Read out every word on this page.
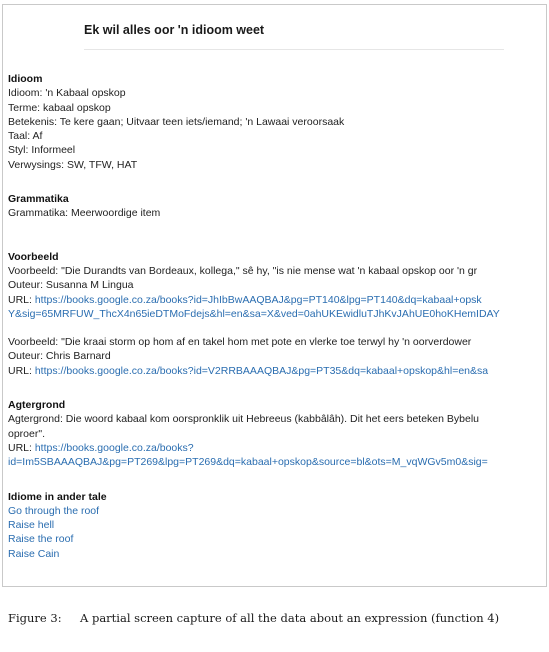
Ek wil alles oor 'n idioom weet
Idioom
Idioom: 'n Kabaal opskop
Terme: kabaal opskop
Betekenis: Te kere gaan; Uitvaar teen iets/iemand; 'n Lawaai veroorsaak
Taal: Af
Styl: Informeel
Verwysings: SW, TFW, HAT
Grammatika
Grammatika: Meerwoordige item
Voorbeeld
Voorbeeld: "Die Durandts van Bordeaux, kollega," sê hy, "is nie mense wat 'n kabaal opskop oor 'n gr
Outeur: Susanna M Lingua
URL: https://books.google.co.za/books?id=JhIbBwAAQBAJ&pg=PT140&lpg=PT140&dq=kabaal+opsk
Y&sig=65MRFUW_ThcX4n65ieDTMoFdejs&hl=en&sa=X&ved=0ahUKEwidluTJhKvJAhUE0hoKHemIDAY
Voorbeeld: "Die kraai storm op hom af en takel hom met pote en vlerke toe terwyl hy 'n oorverdower
Outeur: Chris Barnard
URL: https://books.google.co.za/books?id=V2RRBAAAQBAJ&pg=PT35&dq=kabaal+opskop&hl=en&sa
Agtergrond
Agtergrond: Die woord kabaal kom oorspronklik uit Hebreeus (kabbâlâh). Dit het eers beteken Bybelu
oproer".
URL: https://books.google.co.za/books?
id=Im5SBAAAQBAJ&pg=PT269&lpg=PT269&dq=kabaal+opskop&source=bl&ots=M_vqWGv5m0&sig=
Idiome in ander tale
Go through the roof
Raise hell
Raise the roof
Raise Cain
Figure 3: A partial screen capture of all the data about an expression (function 4)
